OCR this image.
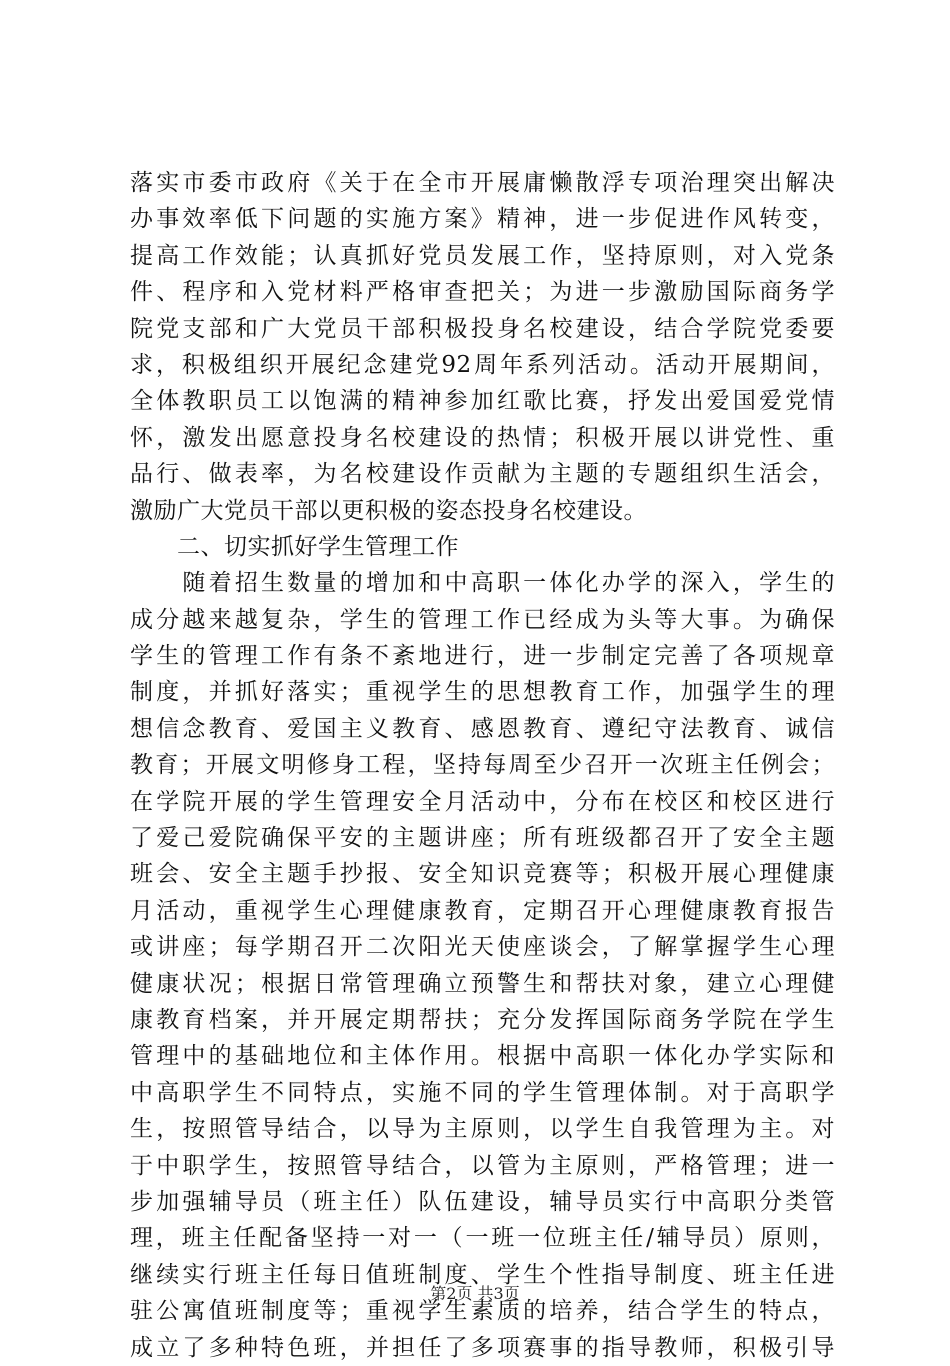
落实市委市政府《关于在全市开展庸懒散浮专项治理突出解决
办事效率低下问题的实施方案》精神，进一步促进作风转变，
提高工作效能；认真抓好党员发展工作，坚持原则，对入党条
件、程序和入党材料严格审查把关；为进一步激励国际商务学
院党支部和广大党员干部积极投身名校建设，结合学院党委要
求，积极组织开展纪念建党92周年系列活动。活动开展期间，
全体教职员工以饱满的精神参加红歌比赛，抒发出爱国爱党情
怀，激发出愿意投身名校建设的热情；积极开展以讲党性、重
品行、做表率，为名校建设作贡献为主题的专题组织生活会，
激励广大党员干部以更积极的姿态投身名校建设。
　　二、切实抓好学生管理工作
　　随着招生数量的增加和中高职一体化办学的深入，学生的
成分越来越复杂，学生的管理工作已经成为头等大事。为确保
学生的管理工作有条不紊地进行，进一步制定完善了各项规章
制度，并抓好落实；重视学生的思想教育工作，加强学生的理
想信念教育、爱国主义教育、感恩教育、遵纪守法教育、诚信
教育；开展文明修身工程，坚持每周至少召开一次班主任例会；
在学院开展的学生管理安全月活动中，分布在校区和校区进行
了爱己爱院确保平安的主题讲座；所有班级都召开了安全主题
班会、安全主题手抄报、安全知识竞赛等；积极开展心理健康
月活动，重视学生心理健康教育，定期召开心理健康教育报告
或讲座；每学期召开二次阳光天使座谈会，了解掌握学生心理
健康状况；根据日常管理确立预警生和帮扶对象，建立心理健
康教育档案，并开展定期帮扶；充分发挥国际商务学院在学生
管理中的基础地位和主体作用。根据中高职一体化办学实际和
中高职学生不同特点，实施不同的学生管理体制。对于高职学
生，按照管导结合，以导为主原则，以学生自我管理为主。对
于中职学生，按照管导结合，以管为主原则，严格管理；进一
步加强辅导员（班主任）队伍建设，辅导员实行中高职分类管
理，班主任配备坚持一对一（一班一位班主任/辅导员）原则，
继续实行班主任每日值班制度、学生个性指导制度、班主任进
驻公寓值班制度等；重视学生素质的培养，结合学生的特点，
成立了多种特色班，并担任了多项赛事的指导教师，积极引导
第2页 共3页
